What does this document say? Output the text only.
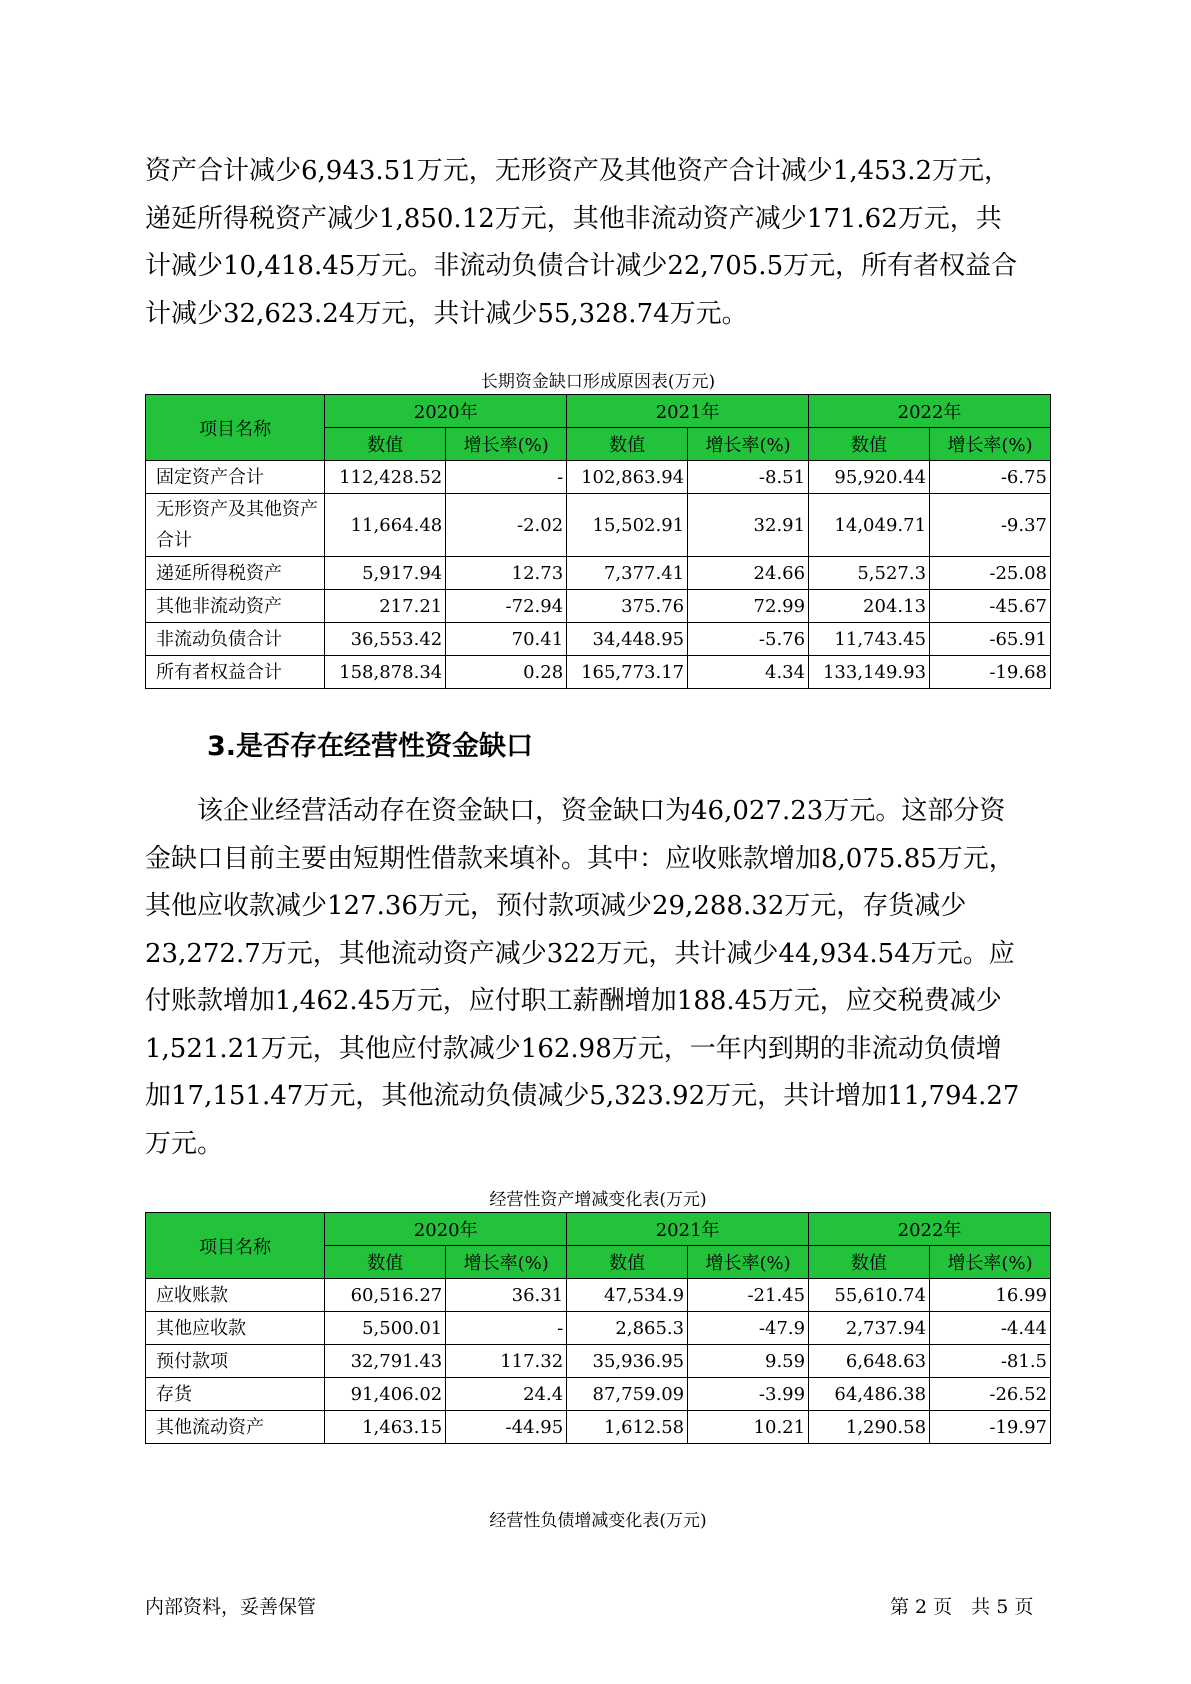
资产合计减少6,943.51万元，无形资产及其他资产合计减少1,453.2万元，
递延所得税资产减少1,850.12万元，其他非流动资产减少171.62万元，共
计减少10,418.45万元。非流动负债合计减少22,705.5万元，所有者权益合
计减少32,623.24万元，共计减少55,328.74万元。

长期资金缺口形成原因表(万元)

项目名称	2020年		2021年		2022年	
	数值	增长率(%)	数值	增长率(%)	数值	增长率(%)
固定资产合计	112,428.52	-	102,863.94	-8.51	95,920.44	-6.75
无形资产及其他资产合计	11,664.48	-2.02	15,502.91	32.91	14,049.71	-9.37
递延所得税资产	5,917.94	12.73	7,377.41	24.66	5,527.3	-25.08
其他非流动资产	217.21	-72.94	375.76	72.99	204.13	-45.67
非流动负债合计	36,553.42	70.41	34,448.95	-5.76	11,743.45	-65.91
所有者权益合计	158,878.34	0.28	165,773.17	4.34	133,149.93	-19.68
3.是否存在经营性资金缺口

　　该企业经营活动存在资金缺口，资金缺口为46,027.23万元。这部分资
金缺口目前主要由短期性借款来填补。其中：应收账款增加8,075.85万元，
其他应收款减少127.36万元，预付款项减少29,288.32万元，存货减少
23,272.7万元，其他流动资产减少322万元，共计减少44,934.54万元。应
付账款增加1,462.45万元，应付职工薪酬增加188.45万元，应交税费减少
1,521.21万元，其他应付款减少162.98万元，一年内到期的非流动负债增
加17,151.47万元，其他流动负债减少5,323.92万元，共计增加11,794.27
万元。

经营性资产增减变化表(万元)

项目名称	2020年		2021年		2022年	
	数值	增长率(%)	数值	增长率(%)	数值	增长率(%)
应收账款	60,516.27	36.31	47,534.9	-21.45	55,610.74	16.99
其他应收款	5,500.01	-	2,865.3	-47.9	2,737.94	-4.44
预付款项	32,791.43	117.32	35,936.95	9.59	6,648.63	-81.5
存货	91,406.02	24.4	87,759.09	-3.99	64,486.38	-26.52
其他流动资产	1,463.15	-44.95	1,612.58	10.21	1,290.58	-19.97

经营性负债增减变化表(万元)

内部资料，妥善保管	第 2 页　共 5 页
